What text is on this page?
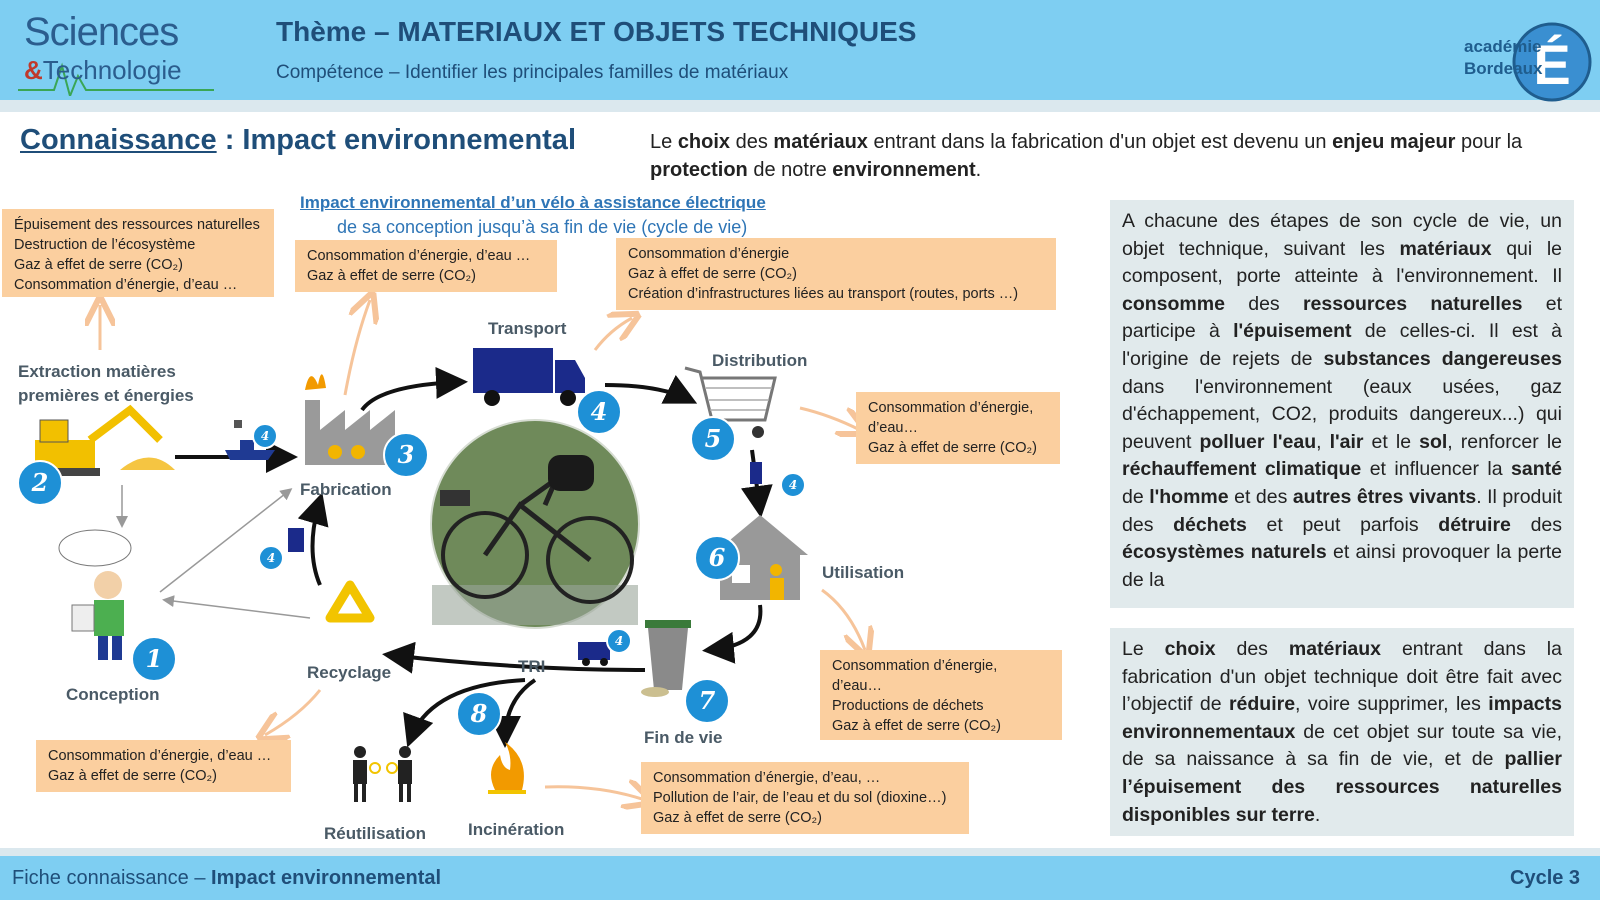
Sciences
&Technologie
Thème – MATERIAUX ET OBJETS TECHNIQUES
Compétence – Identifier les principales familles de matériaux	É
académie
Bordeaux
Connaissance : Impact environnemental	Le choix des matériaux entrant dans la fabrication d'un objet est devenu un enjeu majeur pour la protection de notre environnement.
Impact environnemental d’un vélo à assistance électrique
de sa conception jusqu’à sa fin de vie (cycle de vie)
Épuisement des ressources naturelles
Destruction de l’écosystème
Gaz à effet de serre (CO₂)
Consommation d’énergie, d’eau …
Consommation d’énergie, d’eau …
Gaz à effet de serre (CO₂)
Consommation d’énergie
Gaz à effet de serre (CO₂)
Création d’infrastructures liées au transport (routes, ports …)
Consommation d’énergie,
d’eau…
Gaz à effet de serre (CO₂)
Consommation d’énergie,
d’eau…
Productions de déchets
Gaz à effet de serre (CO₂)
Consommation d’énergie, d’eau …
Gaz à effet de serre (CO₂)	Consommation d’énergie, d’eau, …
Pollution de l’air, de l’eau et du sol (dioxine…)
Gaz à effet de serre (CO₂)
Extraction matières premières et énergies
Fabrication
Transport
Distribution
Utilisation
Fin de vie
Recyclage	TRI
Conception
Réutilisation Incinération
1
2
3
4
5
6
7
8
4
4
4
4
A chacune des étapes de son cycle de vie, un objet technique, suivant les matériaux qui le composent, porte atteinte à l'environnement. Il consomme des ressources naturelles et participe à l'épuisement de celles-ci. Il est à l'origine de rejets de substances dangereuses dans l'environnement (eaux usées, gaz d'échappement, CO2, produits dangereux...) qui peuvent polluer l'eau, l'air et le sol, renforcer le réchauffement climatique et influencer la santé de l'homme et des autres êtres vivants. Il produit des déchets et peut parfois détruire des écosystèmes naturels et ainsi provoquer la perte de la
Le choix des matériaux entrant dans la fabrication d'un objet technique doit être fait avec l’objectif de réduire, voire supprimer, les impacts environnementaux de cet objet sur toute sa vie, de sa naissance à sa fin de vie, et de pallier l’épuisement des ressources naturelles disponibles sur terre.
Fiche connaissance – Impact environnemental	Cycle 3
